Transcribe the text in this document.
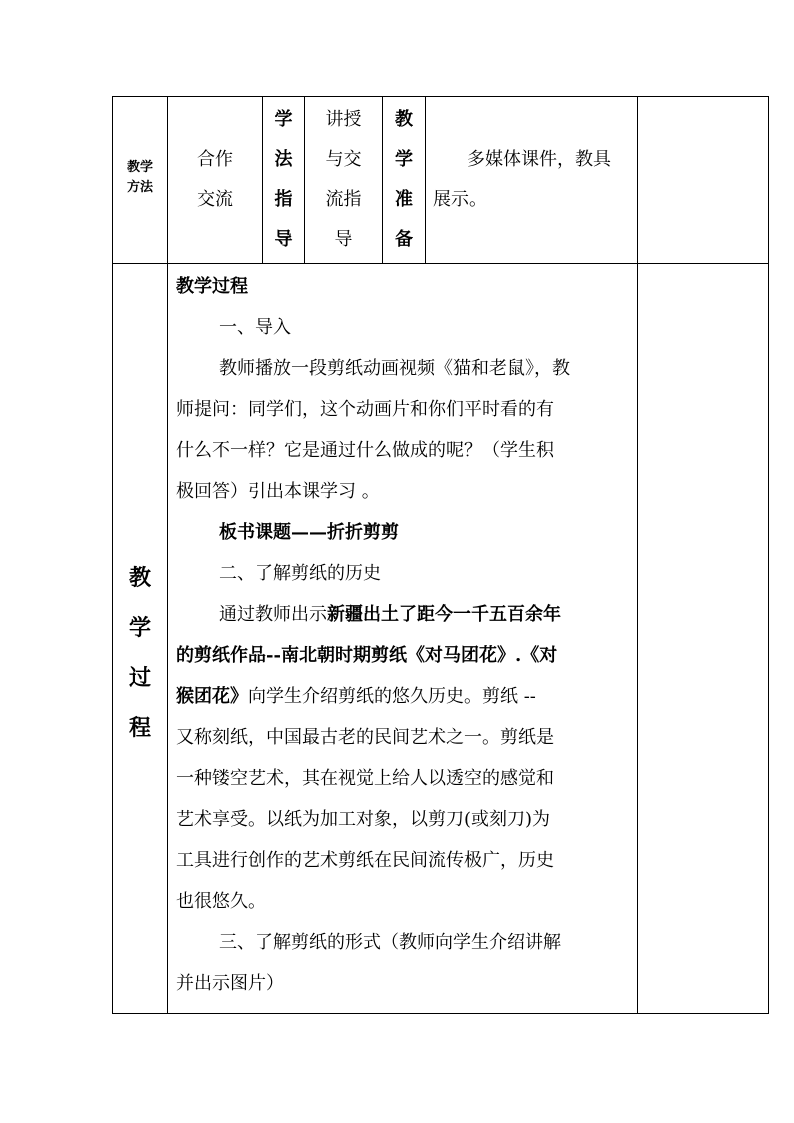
教学
方法
合作
交流
学
法
指
导
讲授
与交
流指
导
教
学
准
备
多媒体课件，教具
展示。
教
学
过
程

教学过程

一、导入

教师播放一段剪纸动画视频《猫和老鼠》，教

师提问：同学们，这个动画片和你们平时看的有

什么不一样？它是通过什么做成的呢？（学生积

极回答）引出本课学习 。

板书课题——折折剪剪

二、了解剪纸的历史

通过教师出示新疆出土了距今一千五百余年

的剪纸作品--南北朝时期剪纸《对马团花》.《对

猴团花》向学生介绍剪纸的悠久历史。剪纸 --

又称刻纸，中国最古老的民间艺术之一。剪纸是

一种镂空艺术，其在视觉上给人以透空的感觉和

艺术享受。以纸为加工对象，以剪刀(或刻刀)为

工具进行创作的艺术剪纸在民间流传极广，历史

也很悠久。

三、了解剪纸的形式（教师向学生介绍讲解

并出示图片）
